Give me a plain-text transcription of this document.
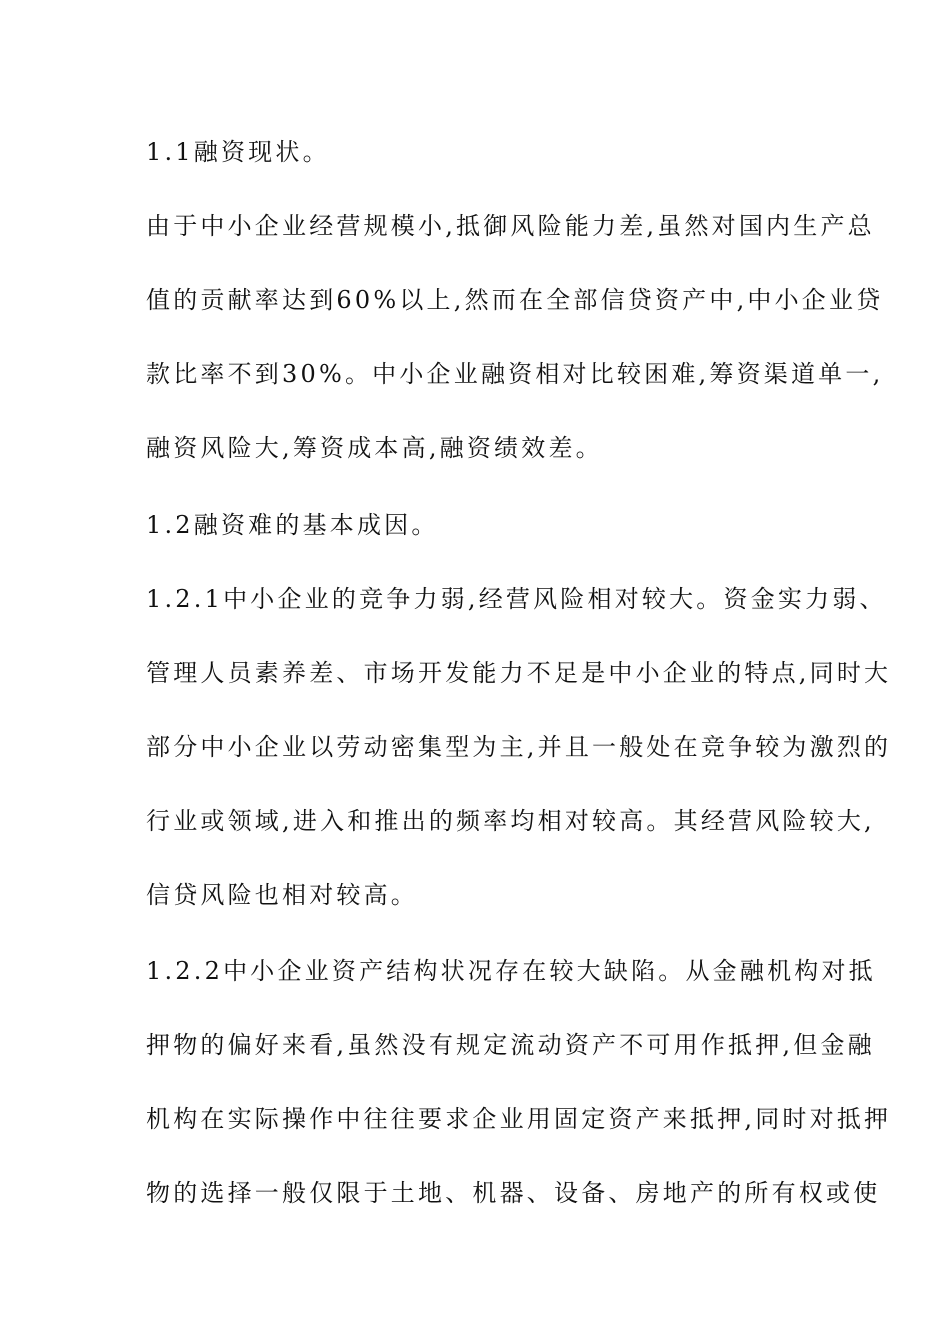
1.1融资现状。
由于中小企业经营规模小,抵御风险能力差,虽然对国内生产总
值的贡献率达到60%以上,然而在全部信贷资产中,中小企业贷
款比率不到30%。中小企业融资相对比较困难,筹资渠道单一,
融资风险大,筹资成本高,融资绩效差。
1.2融资难的基本成因。
1.2.1中小企业的竞争力弱,经营风险相对较大。资金实力弱、
管理人员素养差、市场开发能力不足是中小企业的特点,同时大
部分中小企业以劳动密集型为主,并且一般处在竞争较为激烈的
行业或领域,进入和推出的频率均相对较高。其经营风险较大,
信贷风险也相对较高。
1.2.2中小企业资产结构状况存在较大缺陷。从金融机构对抵
押物的偏好来看,虽然没有规定流动资产不可用作抵押,但金融
机构在实际操作中往往要求企业用固定资产来抵押,同时对抵押
物的选择一般仅限于土地、机器、设备、房地产的所有权或使
